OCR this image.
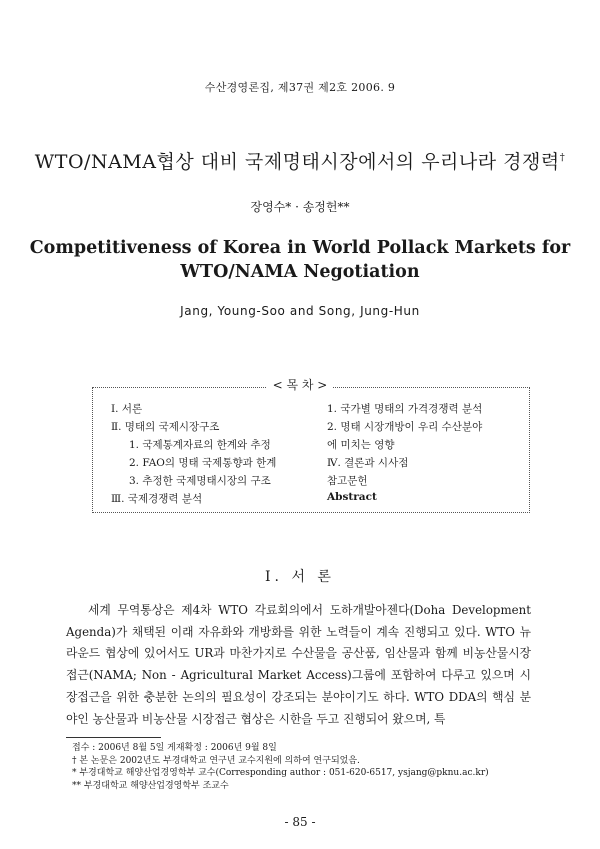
수산경영론집, 제37권 제2호 2006. 9
WTO/NAMA협상 대비 국제명태시장에서의 우리나라 경쟁력†
장영수* · 송정헌**
Competitiveness of Korea in World Pollack Markets for
WTO/NAMA Negotiation
Jang, Young-Soo and Song, Jung-Hun
Ⅰ. 서론
Ⅱ. 명태의 국제시장구조
1. 국제통계자료의 한계와 추정
2. FAO의 명태 국제통향과 한계
3. 추정한 국제명태시장의 구조
Ⅲ. 국제경쟁력 분석
1. 국가별 명태의 가격경쟁력 분석
2. 명태 시장개방이 우리 수산분야
에 미치는 영향
Ⅳ. 결론과 시사점
참고문헌
Abstract
< 목 차 >
Ⅰ. 서 론

세계 무역통상은 제4차 WTO 각료회의에서 도하개발아젠다(Doha Development Agenda)가 채택된 이래 자유화와 개방화를 위한 노력들이 계속 진행되고 있다. WTO 뉴라운드 협상에 있어서도 UR과 마찬가지로 수산물을 공산품, 임산물과 함께 비농산물시장접근(NAMA; Non - Agricultural Market Access)그룹에 포함하여 다루고 있으며 시장접근을 위한 충분한 논의의 필요성이 강조되는 분야이기도 하다. WTO DDA의 핵심 분야인 농산물과 비농산물 시장접근 협상은 시한을 두고 진행되어 왔으며, 특

접수 : 2006년 8월 5일 게재확정 : 2006년 9월 8일
† 본 논문은 2002년도 부경대학교 연구년 교수지원에 의하여 연구되었음.
* 부경대학교 해양산업경영학부 교수(Corresponding author : 051-620-6517, ysjang@pknu.ac.kr)
** 부경대학교 해양산업경영학부 조교수
- 85 -
